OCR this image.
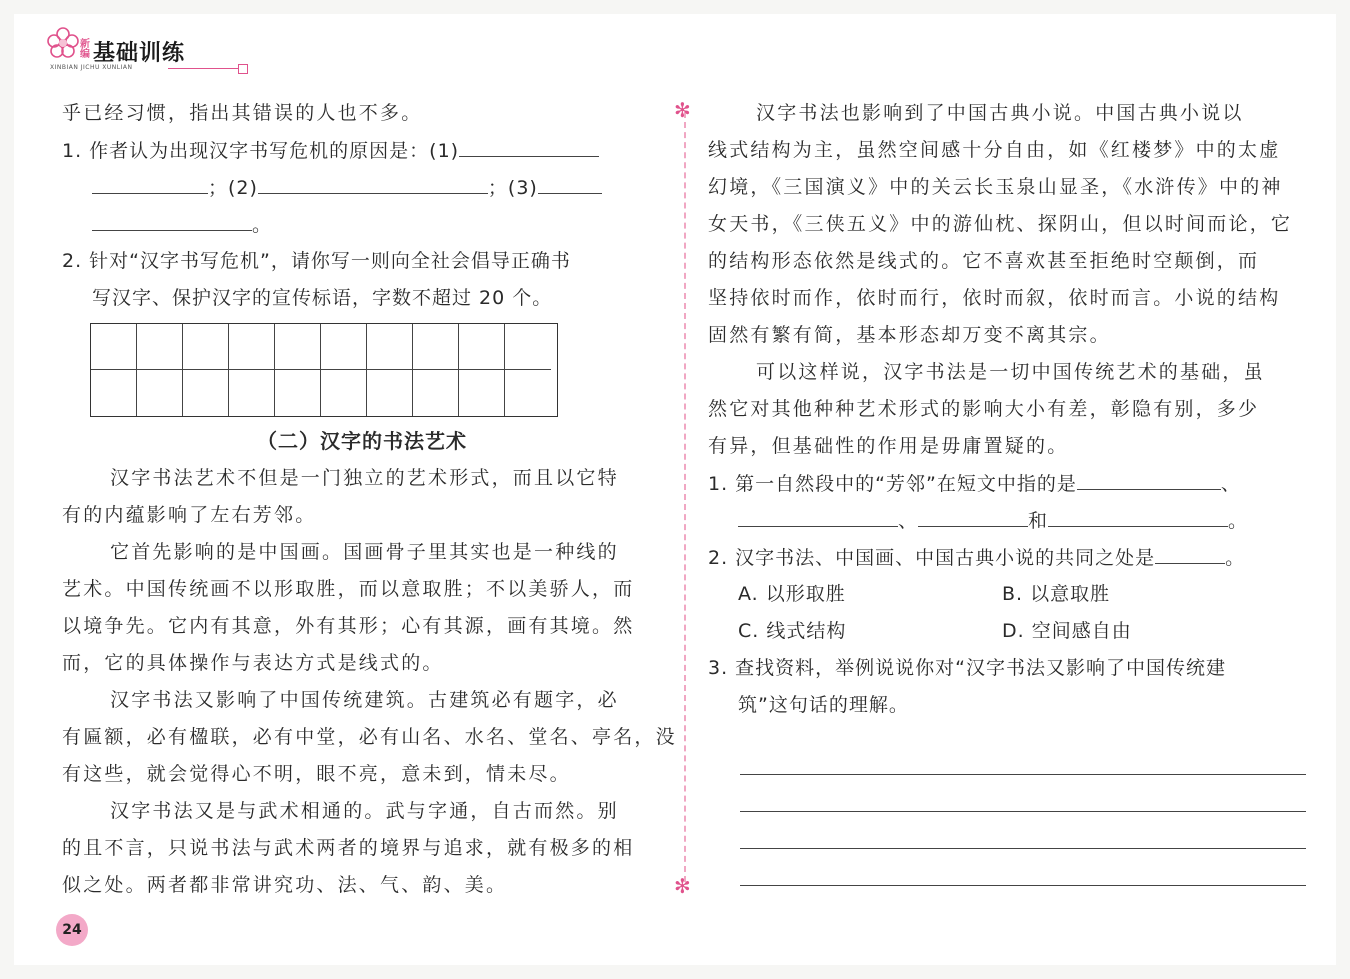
新编 基础训练
XINBIAN JICHU XUNLIAN
乎已经习惯，指出其错误的人也不多。
1. 作者认为出现汉字书写危机的原因是：(1)
；(2)	；(3)
。
2. 针对“汉字书写危机”，请你写一则向全社会倡导正确书
写汉字、保护汉字的宣传标语，字数不超过 20 个。
（二）汉字的书法艺术
汉字书法艺术不但是一门独立的艺术形式，而且以它特
有的内蕴影响了左右芳邻。
它首先影响的是中国画。国画骨子里其实也是一种线的
艺术。中国传统画不以形取胜，而以意取胜；不以美骄人，而
以境争先。它内有其意，外有其形；心有其源，画有其境。然
而，它的具体操作与表达方式是线式的。
汉字书法又影响了中国传统建筑。古建筑必有题字，必
有匾额，必有楹联，必有中堂，必有山名、水名、堂名、亭名，没
有这些，就会觉得心不明，眼不亮，意未到，情未尽。
汉字书法又是与武术相通的。武与字通，自古而然。别
的且不言，只说书法与武术两者的境界与追求，就有极多的相
似之处。两者都非常讲究功、法、气、韵、美。
✻
✻
汉字书法也影响到了中国古典小说。中国古典小说以
线式结构为主，虽然空间感十分自由，如《红楼梦》中的太虚
幻境，《三国演义》中的关云长玉泉山显圣，《水浒传》中的神
女天书，《三侠五义》中的游仙枕、探阴山，但以时间而论，它
的结构形态依然是线式的。它不喜欢甚至拒绝时空颠倒，而
坚持依时而作，依时而行，依时而叙，依时而言。小说的结构
固然有繁有简，基本形态却万变不离其宗。
可以这样说，汉字书法是一切中国传统艺术的基础，虽
然它对其他种种艺术形式的影响大小有差，彰隐有别，多少
有异，但基础性的作用是毋庸置疑的。
1. 第一自然段中的“芳邻”在短文中指的是	、
、	和	。
2. 汉字书法、中国画、中国古典小说的共同之处是	。
A. 以形取胜	B. 以意取胜
C. 线式结构	D. 空间感自由
3. 查找资料，举例说说你对“汉字书法又影响了中国传统建
筑”这句话的理解。
24
